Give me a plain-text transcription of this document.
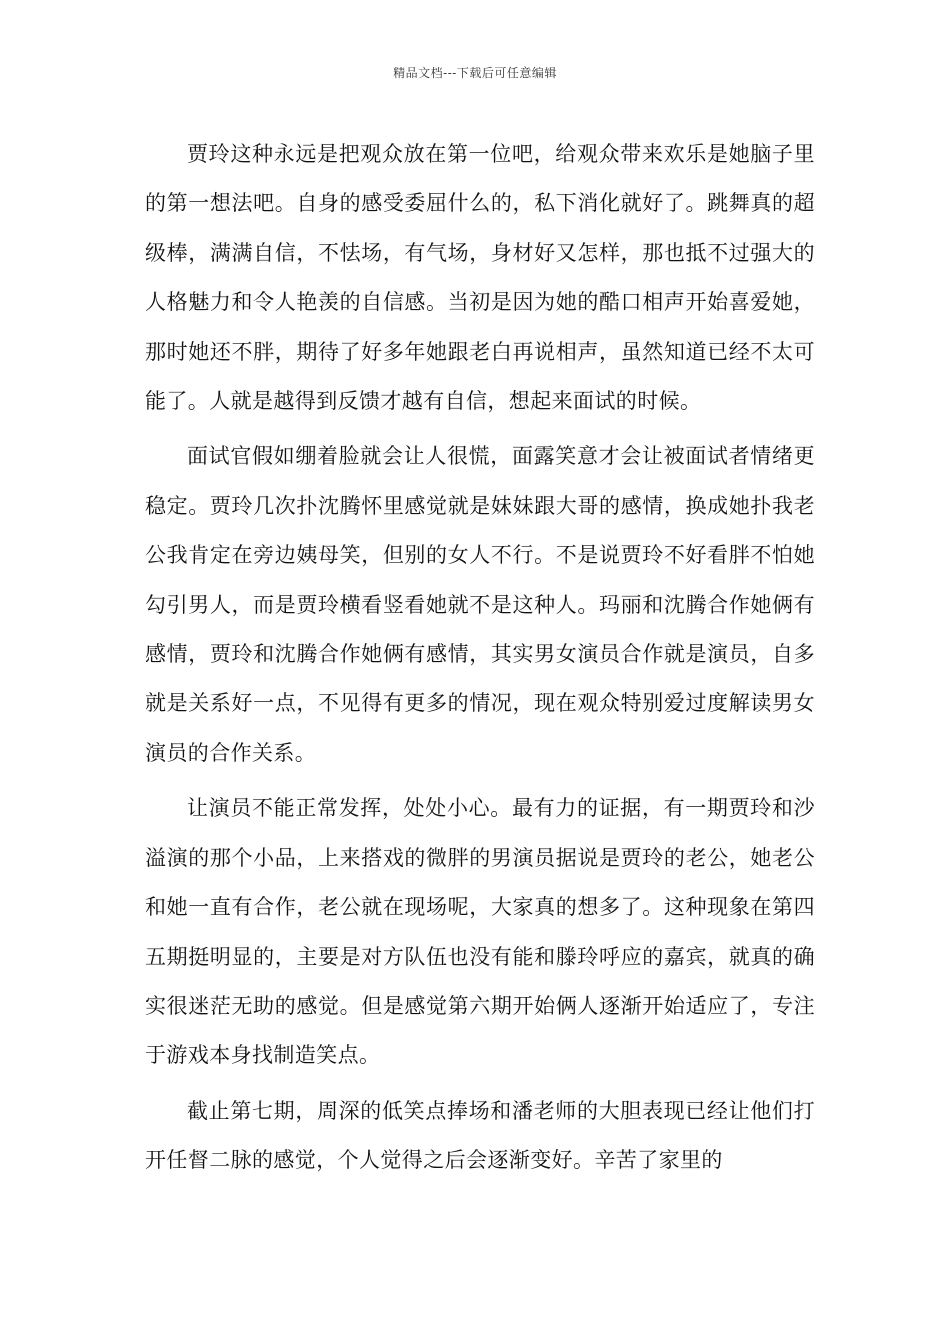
精品文档---下载后可任意编辑

贾玲这种永远是把观众放在第一位吧，给观众带来欢乐是她脑子里的第一想法吧。自身的感受委屈什么的，私下消化就好了。跳舞真的超级棒，满满自信，不怯场，有气场，身材好又怎样，那也抵不过强大的人格魅力和令人艳羡的自信感。当初是因为她的酷口相声开始喜爱她，那时她还不胖，期待了好多年她跟老白再说相声，虽然知道已经不太可能了。人就是越得到反馈才越有自信，想起来面试的时候。

面试官假如绷着脸就会让人很慌，面露笑意才会让被面试者情绪更稳定。贾玲几次扑沈腾怀里感觉就是妹妹跟大哥的感情，换成她扑我老公我肯定在旁边姨母笑，但别的女人不行。不是说贾玲不好看胖不怕她勾引男人，而是贾玲横看竖看她就不是这种人。玛丽和沈腾合作她俩有感情，贾玲和沈腾合作她俩有感情，其实男女演员合作就是演员，自多就是关系好一点，不见得有更多的情况，现在观众特别爱过度解读男女演员的合作关系。

让演员不能正常发挥，处处小心。最有力的证据，有一期贾玲和沙溢演的那个小品，上来搭戏的微胖的男演员据说是贾玲的老公，她老公和她一直有合作，老公就在现场呢，大家真的想多了。这种现象在第四五期挺明显的，主要是对方队伍也没有能和滕玲呼应的嘉宾，就真的确实很迷茫无助的感觉。但是感觉第六期开始俩人逐渐开始适应了，专注于游戏本身找制造笑点。

截止第七期，周深的低笑点捧场和潘老师的大胆表现已经让他们打开任督二脉的感觉，个人觉得之后会逐渐变好。辛苦了家里的
